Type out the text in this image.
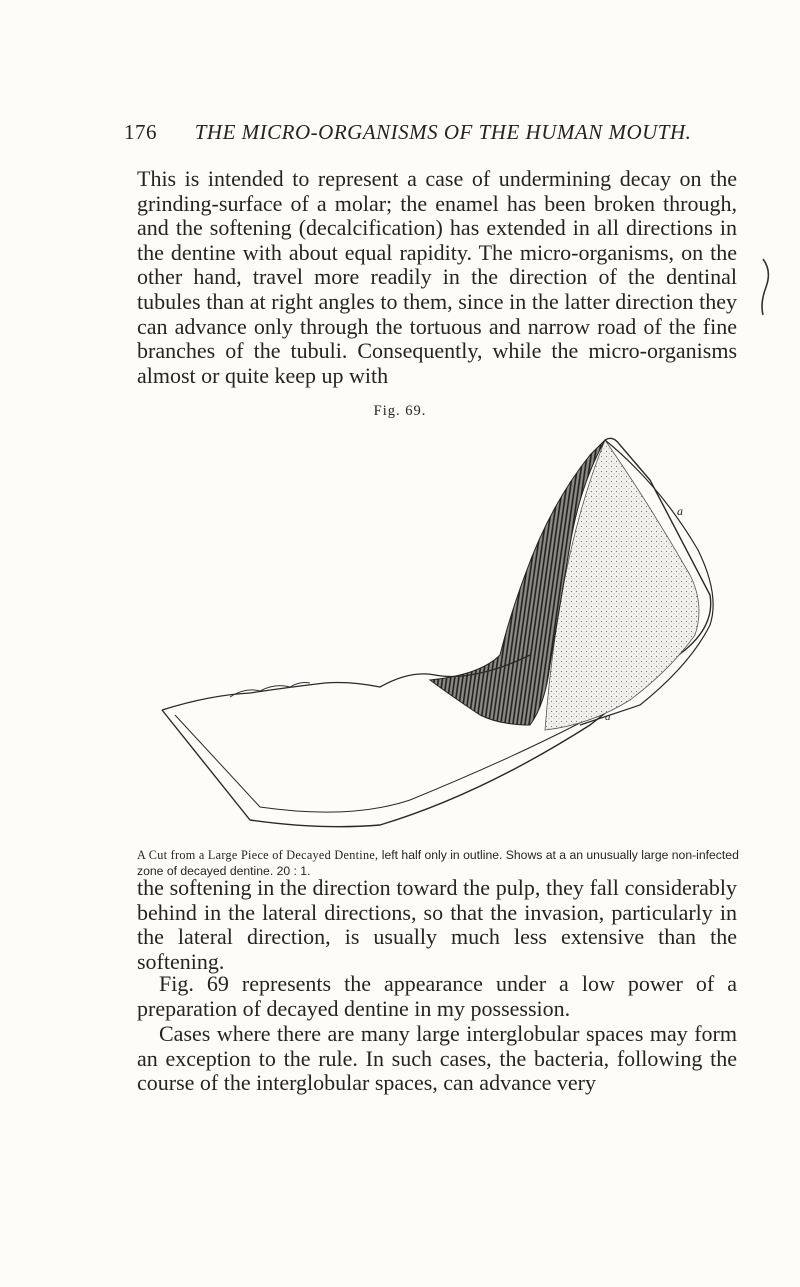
176 THE MICRO-ORGANISMS OF THE HUMAN MOUTH.

This is intended to represent a case of undermining decay on the grinding-surface of a molar; the enamel has been broken through, and the softening (decalcification) has extended in all directions in the dentine with about equal rapidity. The micro-organisms, on the other hand, travel more readily in the direction of the dentinal tubules than at right angles to them, since in the latter direction they can advance only through the tortuous and narrow road of the fine branches of the tubuli. Consequently, while the micro-organisms almost or quite keep up with

Fig. 69.
a
a

A Cut from a Large Piece of Decayed Dentine, left half only in outline. Shows at a an unusually large non-infected zone of decayed dentine. 20 : 1.

the softening in the direction toward the pulp, they fall considerably behind in the lateral directions, so that the invasion, particularly in the lateral direction, is usually much less extensive than the softening.

Fig. 69 represents the appearance under a low power of a preparation of decayed dentine in my possession.

Cases where there are many large interglobular spaces may form an exception to the rule. In such cases, the bacteria, following the course of the interglobular spaces, can advance very
